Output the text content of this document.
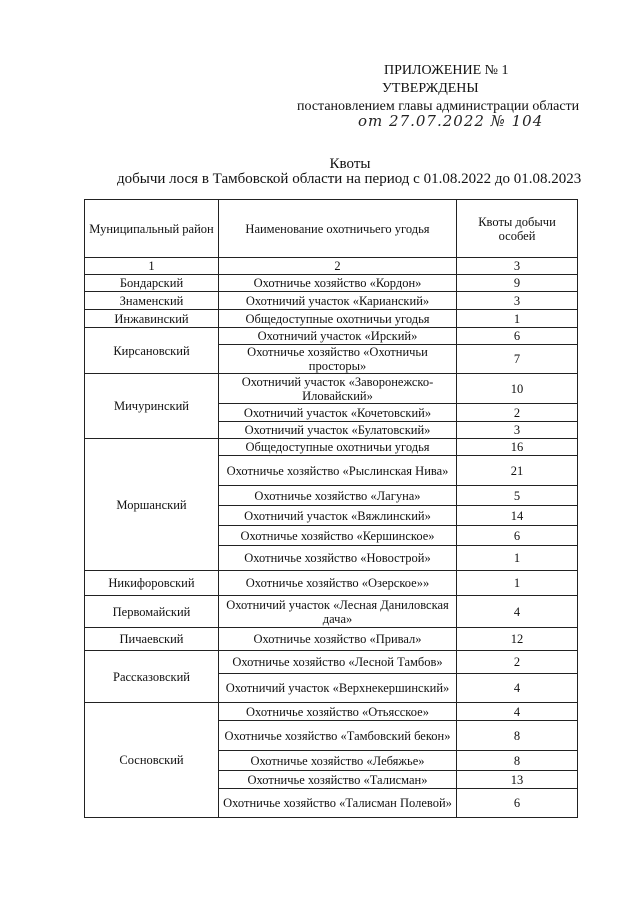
ПРИЛОЖЕНИЕ № 1
УТВЕРЖДЕНЫ
постановлением главы администрации области
от 27.07.2022 № 104
Квоты
добычи лося в Тамбовской области на период с 01.08.2022 до 01.08.2023
Муниципальный район	Наименование охотничьего угодья	Квоты добычи особей
1	2	3
Бондарский	Охотничье хозяйство «Кордон»	9
Знаменский	Охотничий участок «Карианский»	3
Инжавинский	Общедоступные охотничьи угодья	1
Кирсановский	Охотничий участок «Ирский»	6
	Охотничье хозяйство «Охотничьи просторы»	7
Мичуринский	Охотничий участок «Заворонежско-Иловайский»	10
	Охотничий участок «Кочетовский»	2
	Охотничий участок «Булатовский»	3
Моршанский	Общедоступные охотничьи угодья	16
	Охотничье хозяйство «Рыслинская Нива»	21
	Охотничье хозяйство «Лагуна»	5
	Охотничий участок «Вяжлинский»	14
	Охотничье хозяйство «Кершинское»	6
	Охотничье хозяйство «Новострой»	1
Никифоровский	Охотничье хозяйство «Озерское»»	1
Первомайский	Охотничий участок «Лесная Даниловская дача»	4
Пичаевский	Охотничье хозяйство «Привал»	12
Рассказовский	Охотничье хозяйство «Лесной Тамбов»	2
	Охотничий участок «Верхнекершинский»	4
Сосновский	Охотничье хозяйство «Отьясское»	4
	Охотничье хозяйство «Тамбовский бекон»	8
	Охотничье хозяйство «Лебяжье»	8
	Охотничье хозяйство «Талисман»	13
	Охотничье хозяйство «Талисман Полевой»	6
